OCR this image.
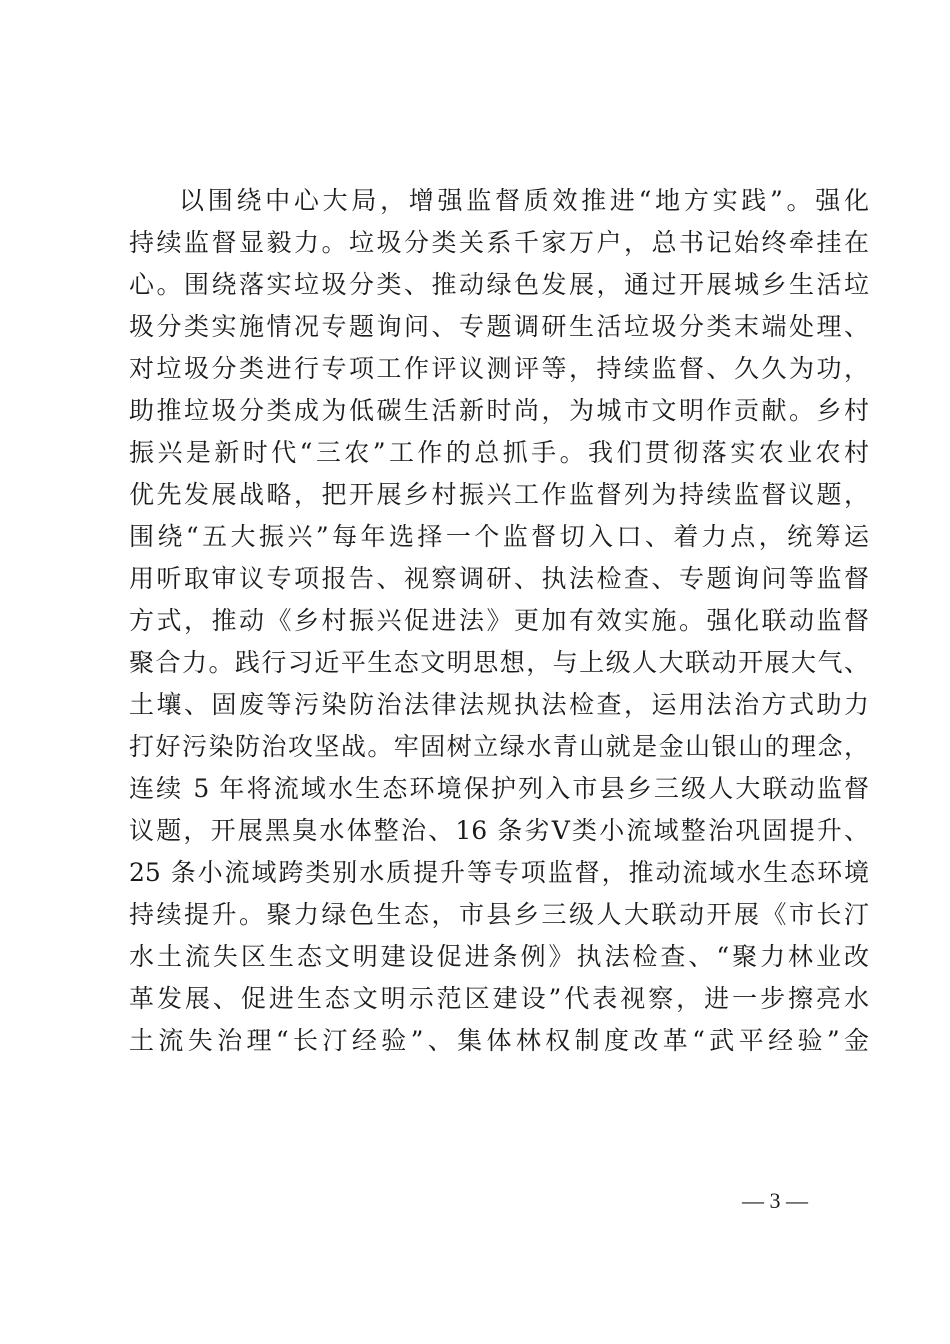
以围绕中心大局，增强监督质效推进“地方实践”。强化
持续监督显毅力。垃圾分类关系千家万户，总书记始终牵挂在
心。围绕落实垃圾分类、推动绿色发展，通过开展城乡生活垃
圾分类实施情况专题询问、专题调研生活垃圾分类末端处理、
对垃圾分类进行专项工作评议测评等，持续监督、久久为功，
助推垃圾分类成为低碳生活新时尚，为城市文明作贡献。乡村
振兴是新时代“三农”工作的总抓手。我们贯彻落实农业农村
优先发展战略，把开展乡村振兴工作监督列为持续监督议题，
围绕“五大振兴”每年选择一个监督切入口、着力点，统筹运
用听取审议专项报告、视察调研、执法检查、专题询问等监督
方式，推动《乡村振兴促进法》更加有效实施。强化联动监督
聚合力。践行习近平生态文明思想，与上级人大联动开展大气、
土壤、固废等污染防治法律法规执法检查，运用法治方式助力
打好污染防治攻坚战。牢固树立绿水青山就是金山银山的理念，
连续 5 年将流域水生态环境保护列入市县乡三级人大联动监督
议题，开展黑臭水体整治、16 条劣Ⅴ类小流域整治巩固提升、
25 条小流域跨类别水质提升等专项监督，推动流域水生态环境
持续提升。聚力绿色生态，市县乡三级人大联动开展《市长汀
水土流失区生态文明建设促进条例》执法检查、“聚力林业改
革发展、促进生态文明示范区建设”代表视察，进一步擦亮水
土流失治理“长汀经验”、集体林权制度改革“武平经验”金
— 3 —
